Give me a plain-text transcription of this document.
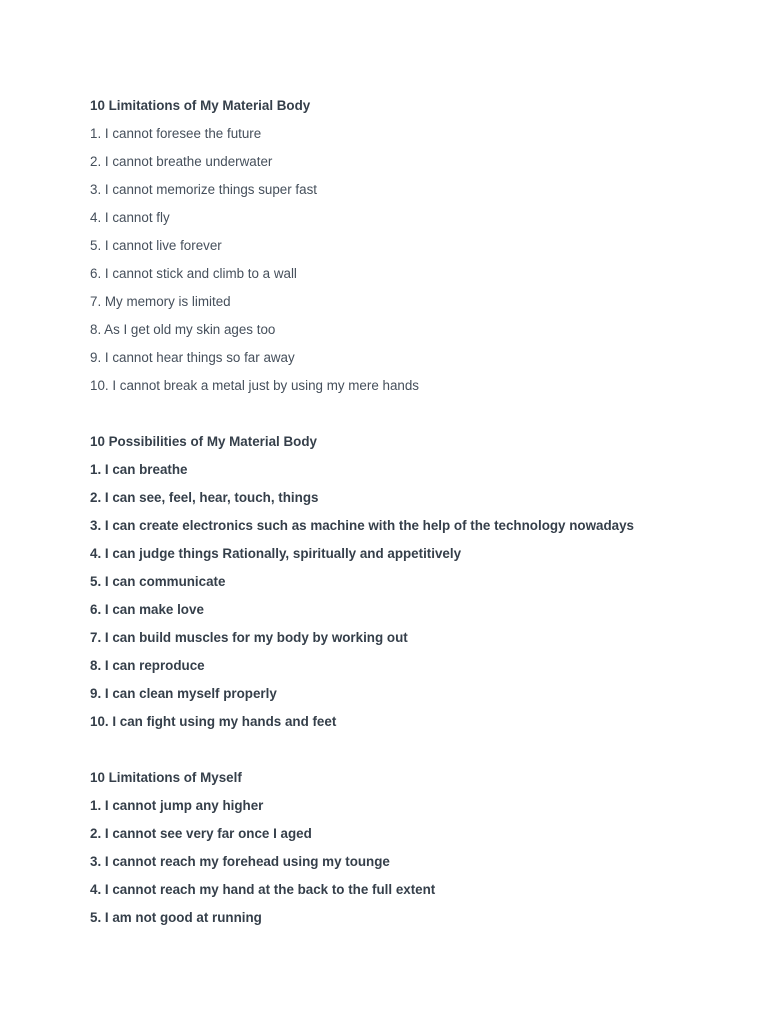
10 Limitations of My Material Body
1. I cannot foresee the future
2. I cannot breathe underwater
3. I cannot memorize things super fast
4. I cannot fly
5. I cannot live forever
6. I cannot stick and climb to a wall
7. My memory is limited
8. As I get old my skin ages too
9. I cannot hear things so far away
10. I cannot break a metal just by using my mere hands
10 Possibilities of My Material Body
1. I can breathe
2. I can see, feel, hear, touch, things
3. I can create electronics such as machine with the help of the technology nowadays
4. I can judge things Rationally, spiritually and appetitively
5. I can communicate
6. I can make love
7. I can build muscles for my body by working out
8. I can reproduce
9. I can clean myself properly
10. I can fight using my hands and feet
10 Limitations of Myself
1. I cannot jump any higher
2. I cannot see very far once I aged
3. I cannot reach my forehead using my tounge
4. I cannot reach my hand at the back to the full extent
5. I am not good at running
